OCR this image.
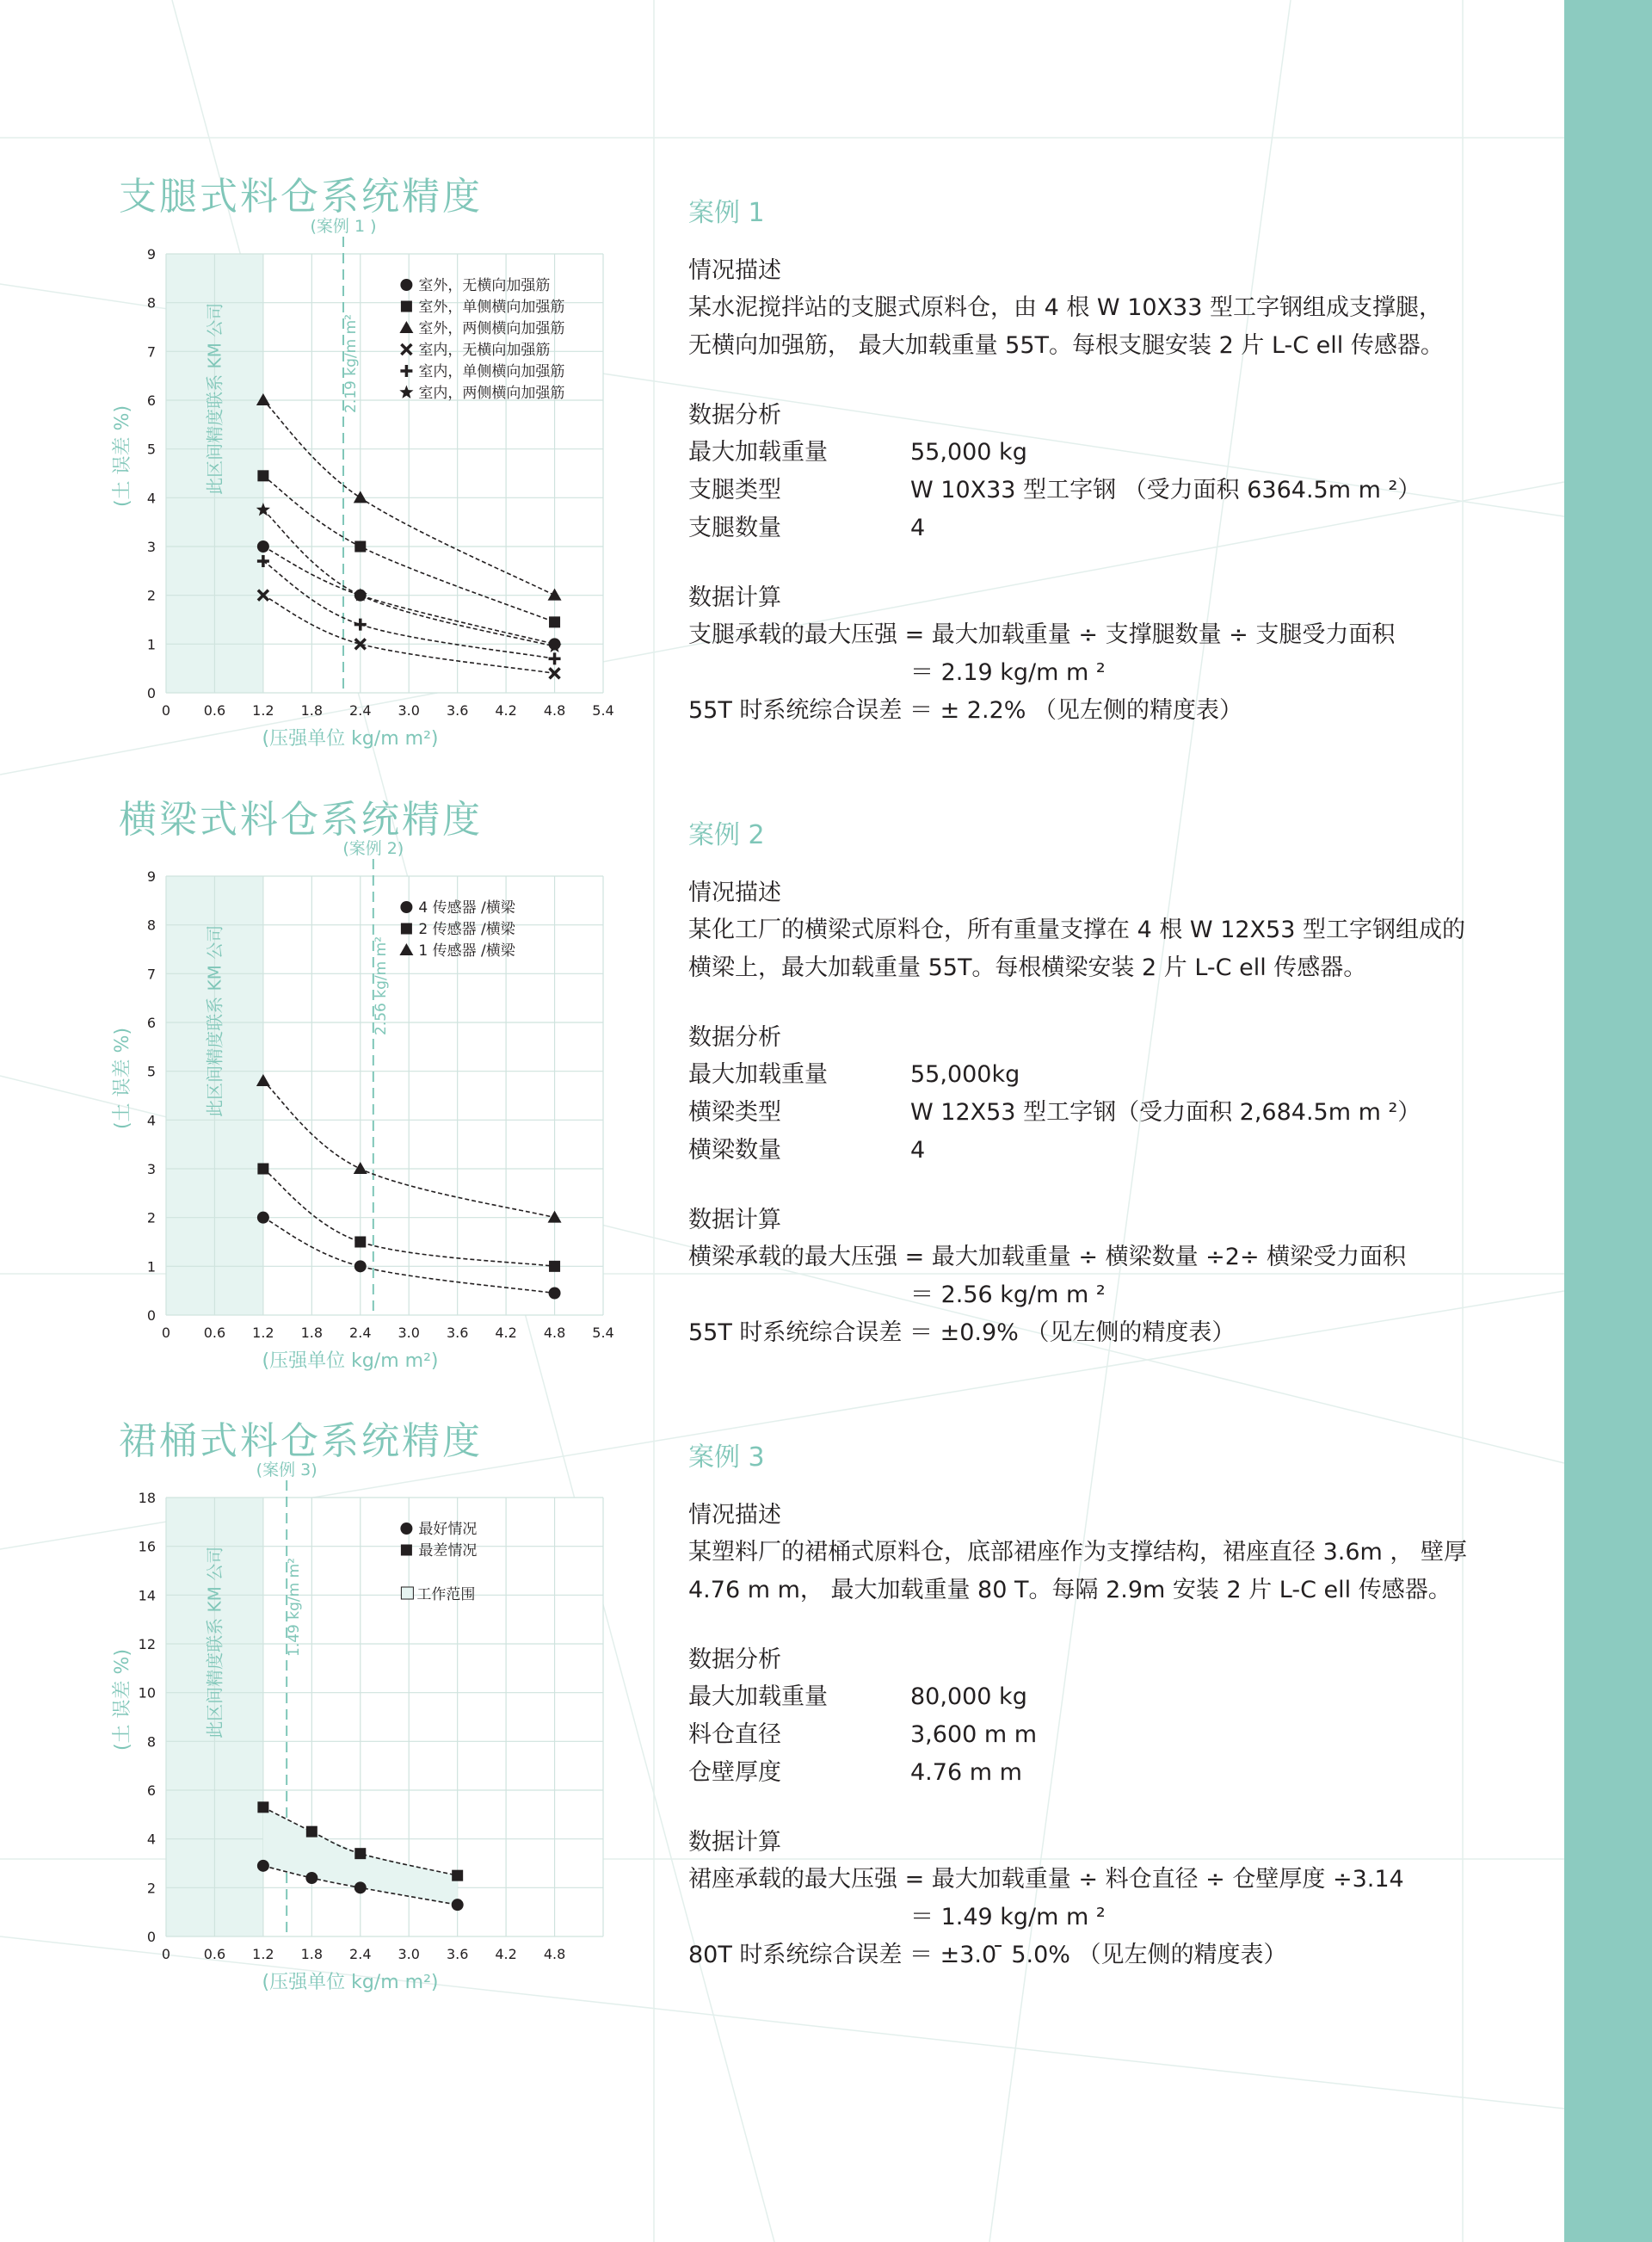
支腿式料仓系统精度
横梁式料仓系统精度
裙桶式料仓系统精度
0 0.6 1.2 1.8 2.4 3.0 3.6 4.2 4.8 5.4
0
1
2
3
4
5
6
7
8
9
(压强单位 kg/m m²)
(土 误差 %)	此区间精度联系 KM 公司
(案例 1 )
2.19 kg/m m²
室外，无横向加强筋
室外，单侧横向加强筋
室外，两侧横向加强筋
室内，无横向加强筋
室内，单侧横向加强筋
室内，两侧横向加强筋
0 0.6 1.2 1.8 2.4 3.0 3.6 4.2 4.8 5.4
0
1
2
3
4
5
6
7
8
9
(压强单位 kg/m m²)
(土 误差 %)	此区间精度联系 KM 公司
(案例 2)
2.56 kg/m m²
4 传感器 /横梁
2 传感器 /横梁
1 传感器 /横梁
0 0.6 1.2 1.8 2.4 3.0 3.6 4.2 4.8
0
2
4
6
8
10
12
14
16
18
(压强单位 kg/m m²)
(土 误差 %)	此区间精度联系 KM 公司
(案例 3)
1.49 kg/m m²
最好情况
最差情况
工作范围
案例 1
情况描述
某水泥搅拌站的支腿式原料仓，由 4 根 W 10X33 型工字钢组成支撑腿，
无横向加强筋， 最大加载重量 55T。每根支腿安装 2 片 L-C ell 传感器。
数据分析
最大加载重量	55,000 kg
支腿类型	W 10X33 型工字钢 （受力面积 6364.5m m ²）
支腿数量	4
数据计算
支腿承载的最大压强 = 最大加载重量 ÷ 支撑腿数量 ÷ 支腿受力面积
＝ 2.19 kg/m m ²
55T 时系统综合误差 ＝ ± 2.2% （见左侧的精度表）
案例 2
情况描述
某化工厂的横梁式原料仓，所有重量支撑在 4 根 W 12X53 型工字钢组成的
横梁上，最大加载重量 55T。每根横梁安装 2 片 L-C ell 传感器。
数据分析
最大加载重量	55,000kg
横梁类型	W 12X53 型工字钢（受力面积 2,684.5m m ²）
横梁数量	4
数据计算
横梁承载的最大压强 = 最大加载重量 ÷ 横梁数量 ÷2÷ 横梁受力面积
＝ 2.56 kg/m m ²
55T 时系统综合误差 ＝ ±0.9% （见左侧的精度表）
案例 3
情况描述
某塑料厂的裙桶式原料仓，底部裙座作为支撑结构，裙座直径 3.6m ， 壁厚
4.76 m m， 最大加载重量 80 T。每隔 2.9m 安装 2 片 L-C ell 传感器。
数据分析
最大加载重量	80,000 kg
料仓直径	3,600 m m
仓壁厚度	4.76 m m
数据计算
裙座承载的最大压强 = 最大加载重量 ÷ 料仓直径 ÷ 仓壁厚度 ÷3.14
＝ 1.49 kg/m m ²
80T 时系统综合误差 ＝ ±3.0 ̄ 5.0% （见左侧的精度表）
